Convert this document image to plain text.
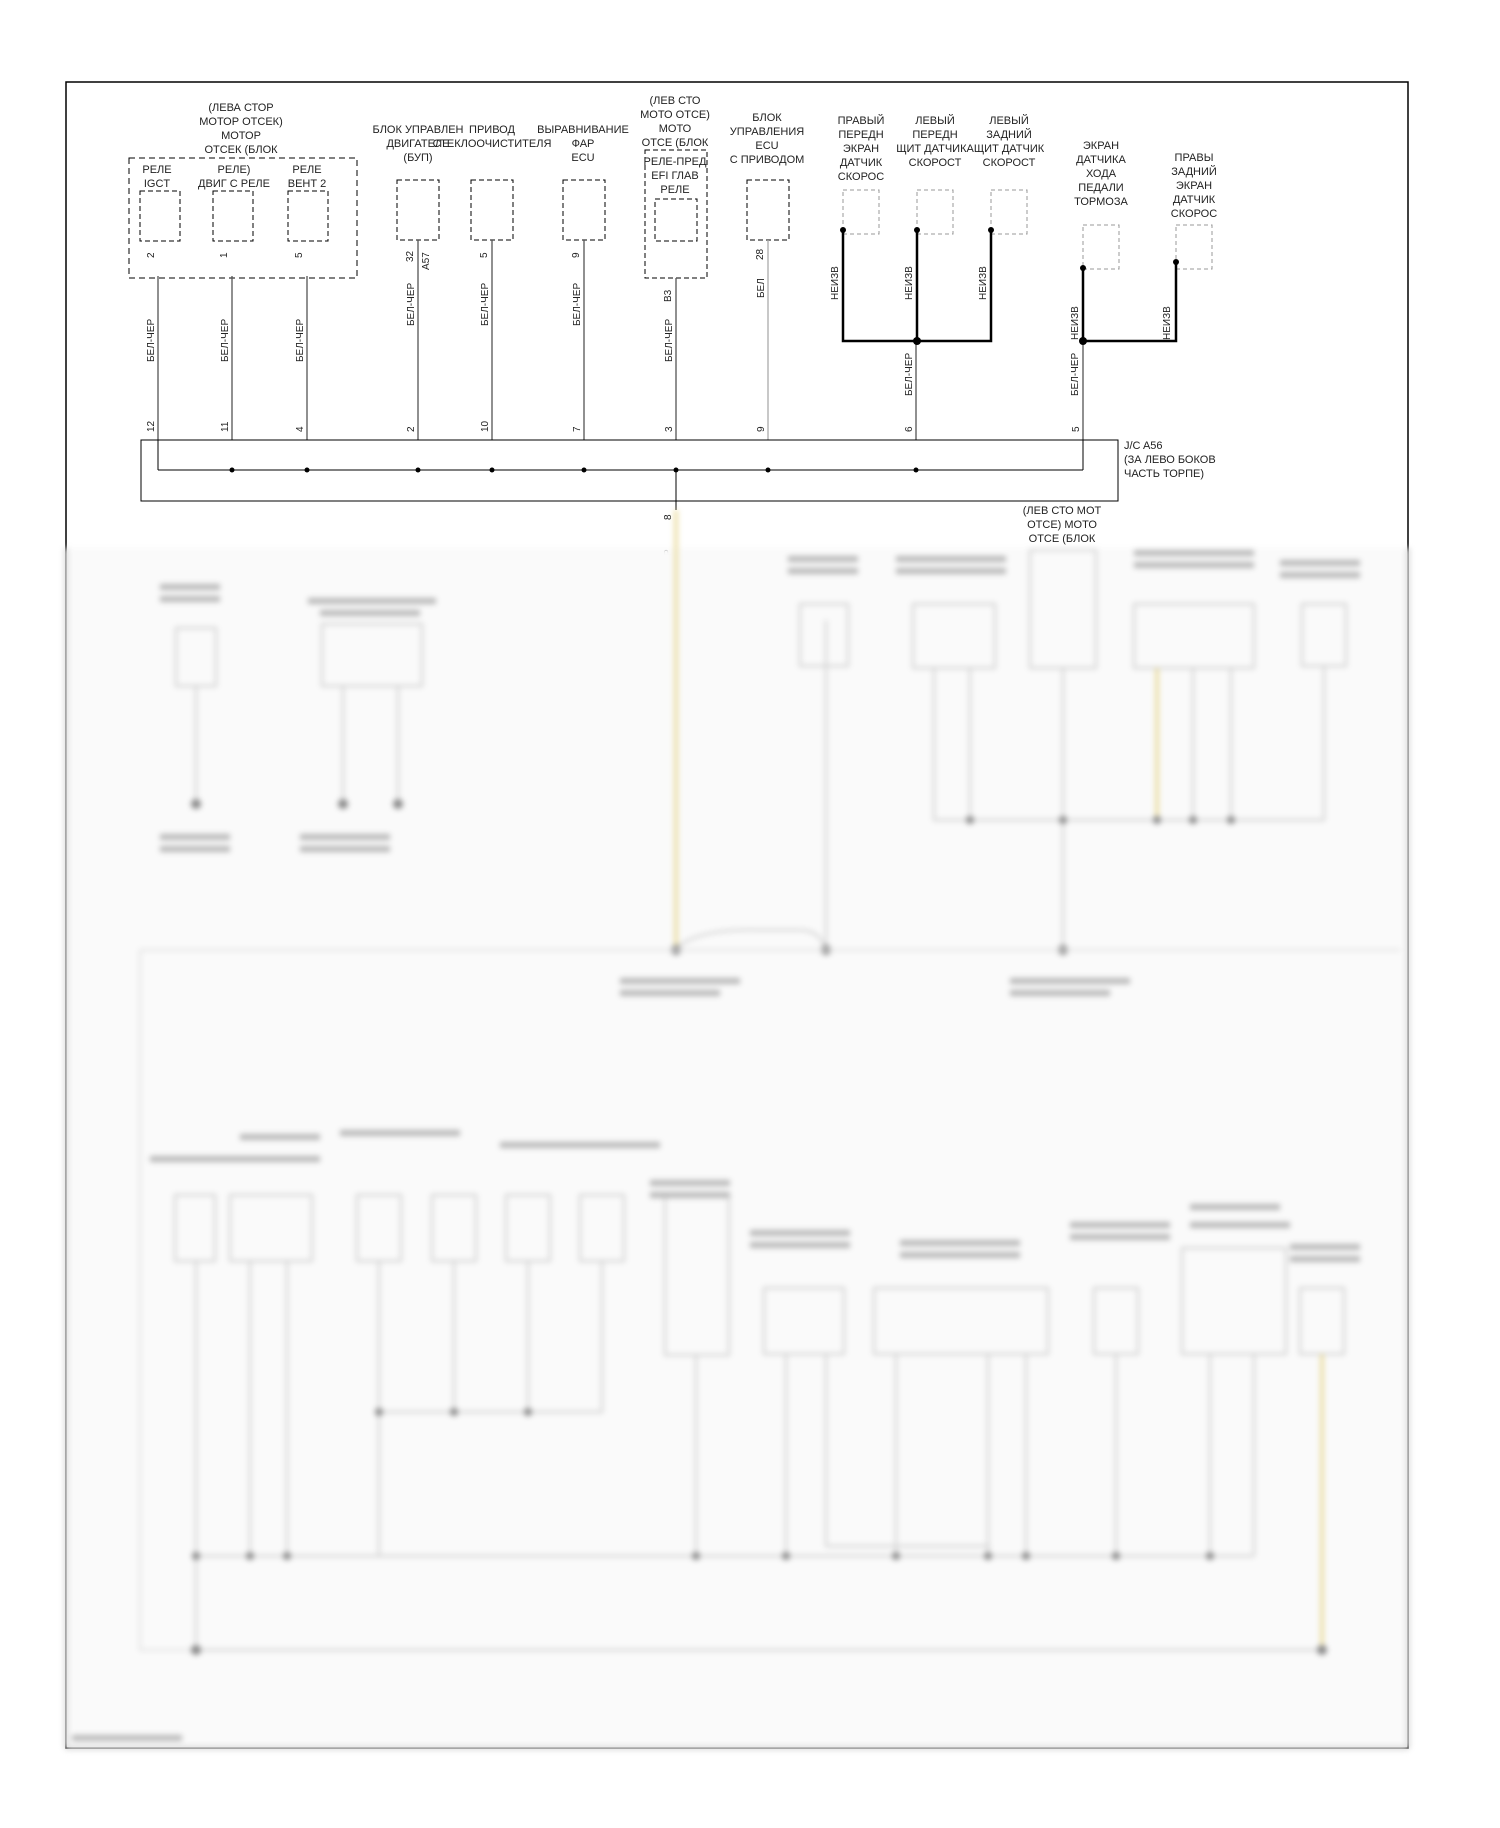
(ЛЕВА СТОР
МОТОР ОТСЕК)
МОТОР
ОТСЕК (БЛОК
РЕЛЕ
IGCT
РЕЛЕ)
ДВИГ С РЕЛЕ
РЕЛЕ
ВЕНТ 2
БЛОК УПРАВЛЕН
ДВИГАТЕЛЕ
(БУП)
ПРИВОД
СТЕКЛООЧИСТИТЕЛЯ
ВЫРАВНИВАНИЕ
ФАР
ECU
(ЛЕВ СТО
МОТО ОТСЕ)
МОТО
ОТСЕ (БЛОК
РЕЛЕ-ПРЕД
EFI ГЛАВ
РЕЛЕ
БЛОК
УПРАВЛЕНИЯ
ECU
С ПРИВОДОМ
ПРАВЫЙ
ПЕРЕДН
ЭКРАН
ДАТЧИК
СКОРОС
ЛЕВЫЙ
ПЕРЕДН
ЩИТ ДАТЧИКА
СКОРОСТ
ЛЕВЫЙ
ЗАДНИЙ
ЩИТ ДАТЧИК
СКОРОСТ
ЭКРАН
ДАТЧИКА
ХОДА
ПЕДАЛИ
ТОРМОЗА
ПРАВЫ
ЗАДНИЙ
ЭКРАН
ДАТЧИК
СКОРОС
2	1	5	32 A57	5	9
B3
28
БЕЛ-ЧЕР	БЕЛ-ЧЕР	БЕЛ-ЧЕР
БЕЛ-ЧЕР	БЕЛ-ЧЕР	БЕЛ-ЧЕР
БЕЛ-ЧЕР
БЕЛ	НЕИЗВ	НЕИЗВ	НЕИЗВ
БЕЛ-ЧЕР
НЕИЗВ	НЕИЗВ
БЕЛ-ЧЕР
J/C A56
(ЗА ЛЕВО БОКОВ
ЧАСТЬ ТОРПЕ)
12	11	4	2	10	7	3	9	6	5
8
(ЛЕВ СТО МОТ
ОТСЕ) МОТО
ОТСЕ (БЛОК
